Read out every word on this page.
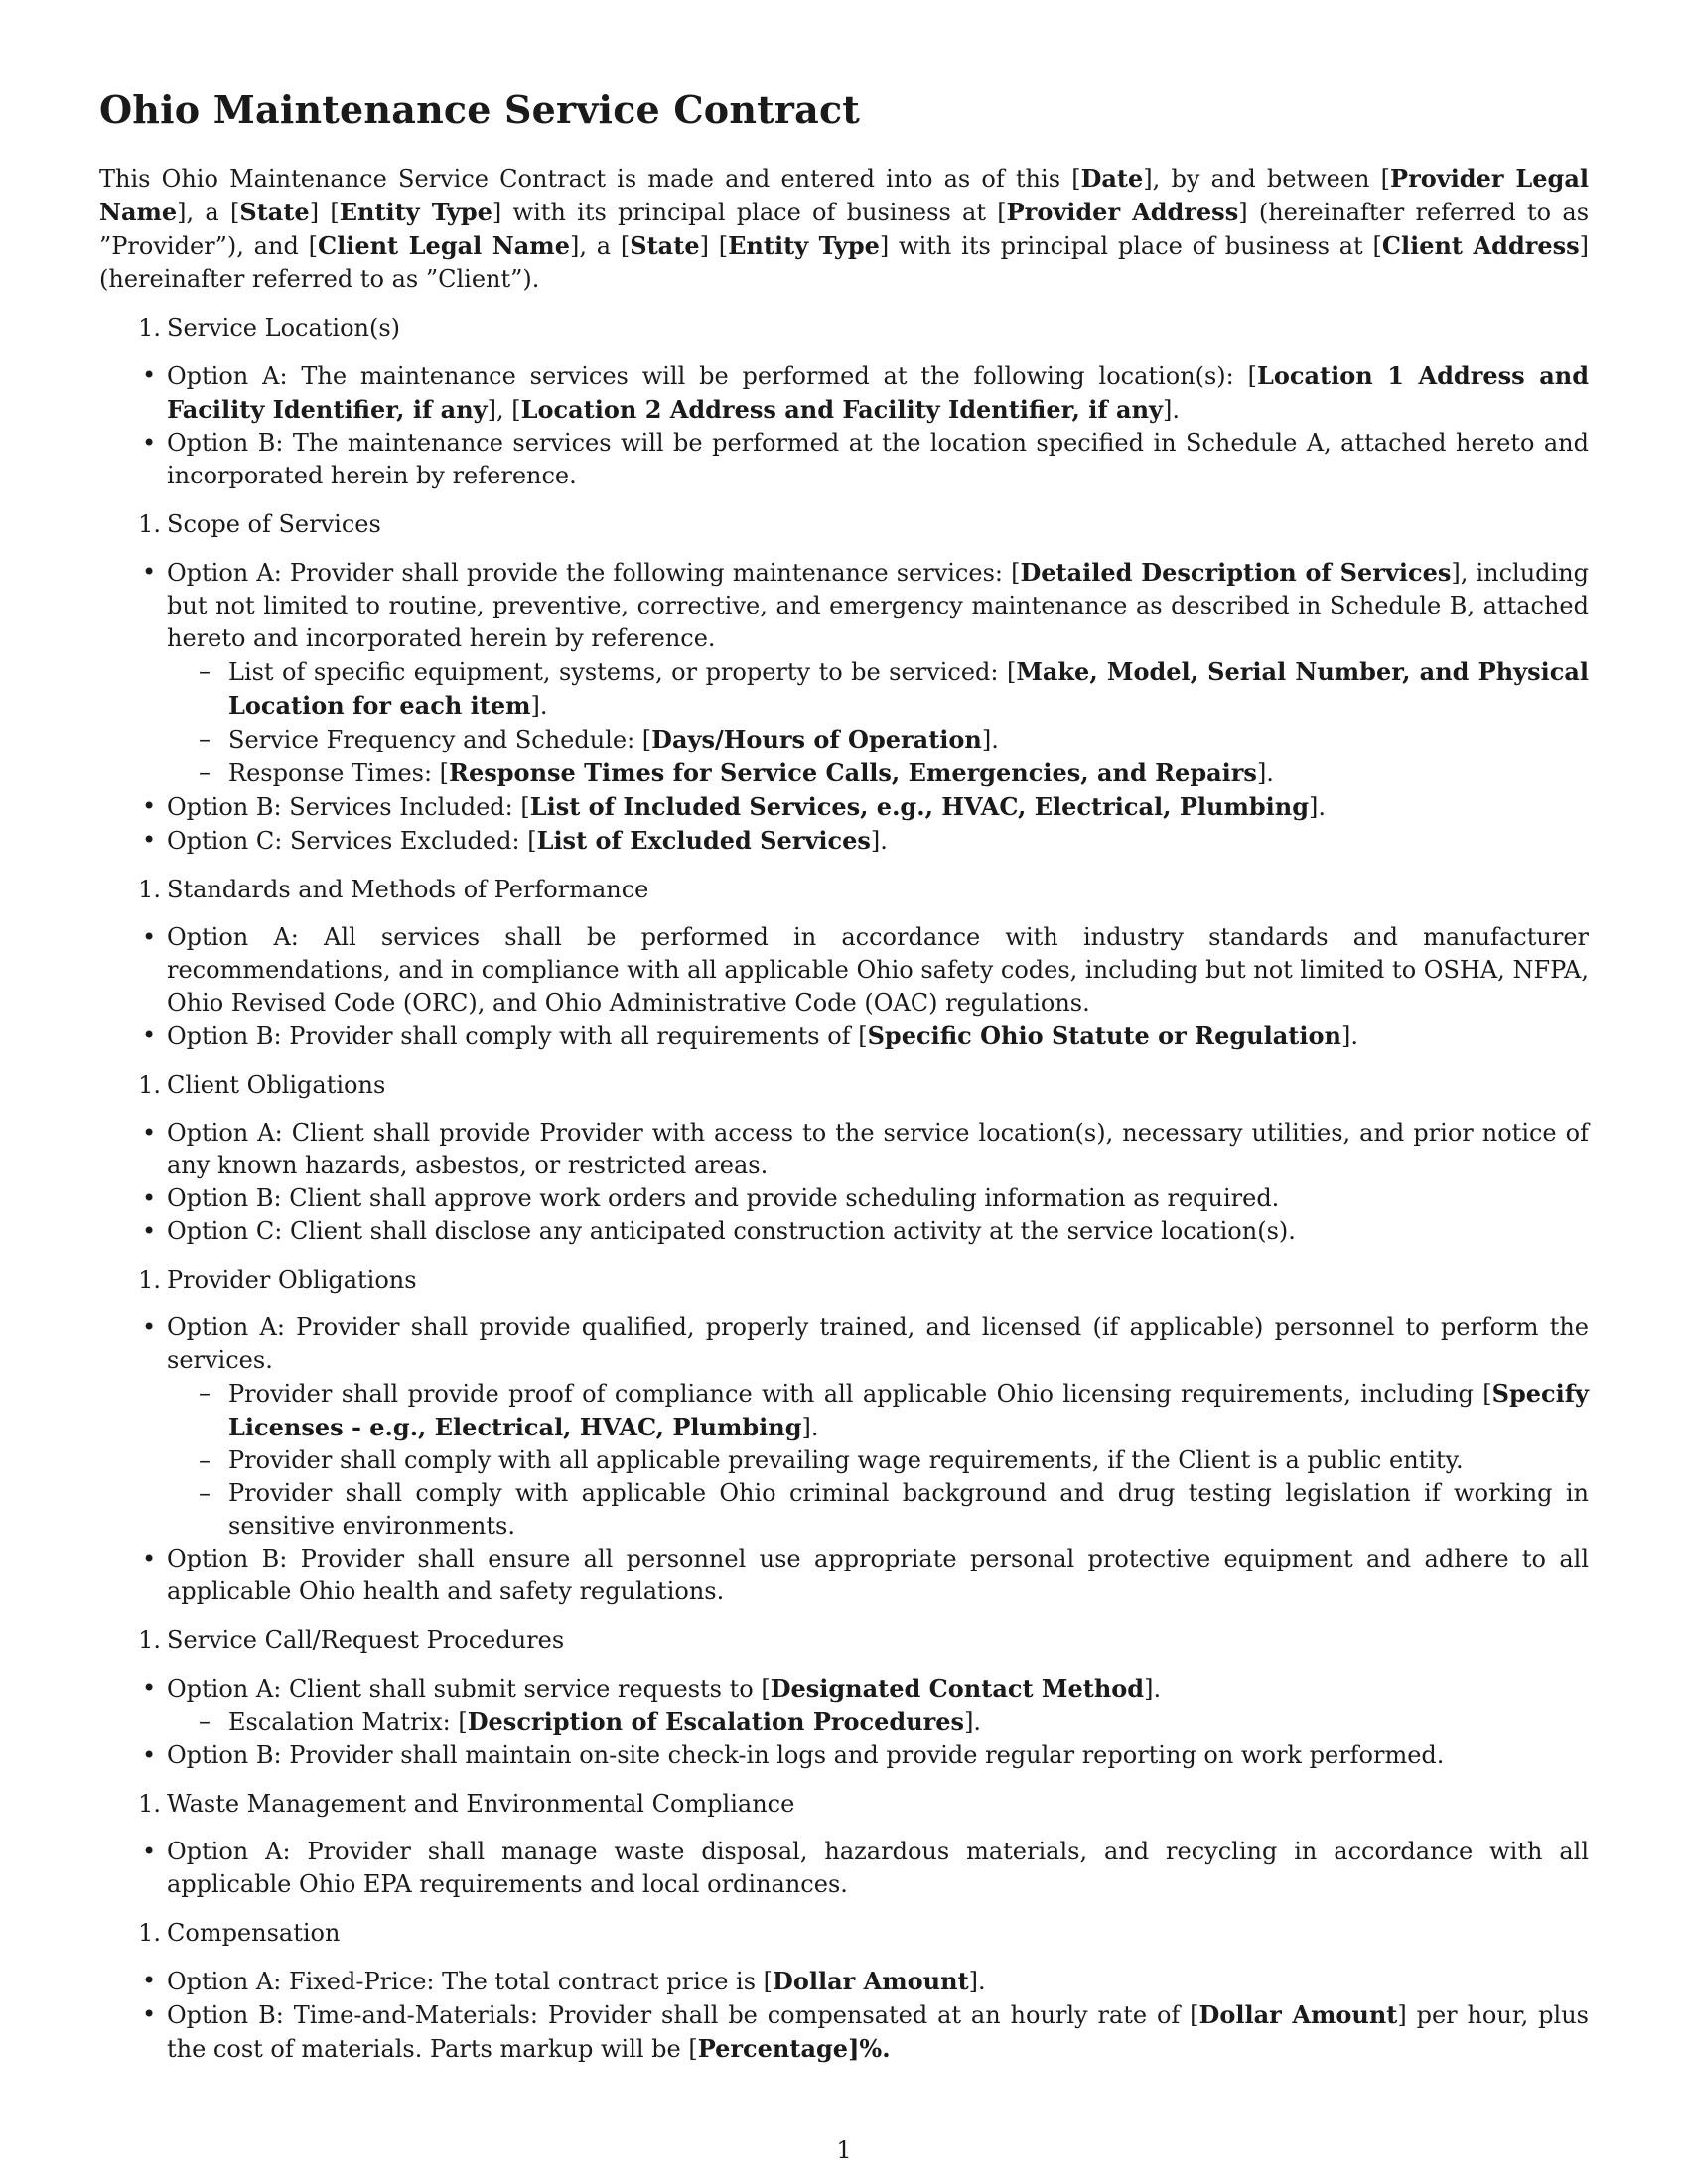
Ohio Maintenance Service Contract

This Ohio Maintenance Service Contract is made and entered into as of this [Date], by and between [Provider Legal Name], a [State] [Entity Type] with its principal place of business at [Provider Address] (hereinafter referred to as ”Provider”), and [Client Legal Name], a [State] [Entity Type] with its principal place of business at [Client Address] (hereinafter referred to as ”Client”).

1. Service Location(s)
• Option A: The maintenance services will be performed at the following location(s): [Location 1 Address and Facility Identifier, if any], [Location 2 Address and Facility Identifier, if any].
• Option B: The maintenance services will be performed at the location specified in Schedule A, attached hereto and incorporated herein by reference.
1. Scope of Services
• Option A: Provider shall provide the following maintenance services: [Detailed Description of Services], including but not limited to routine, preventive, corrective, and emergency maintenance as described in Schedule B, attached hereto and incorporated herein by reference.
– List of specific equipment, systems, or property to be serviced: [Make, Model, Serial Number, and Physical Location for each item].
– Service Frequency and Schedule: [Days/Hours of Operation].
– Response Times: [Response Times for Service Calls, Emergencies, and Repairs].
• Option B: Services Included: [List of Included Services, e.g., HVAC, Electrical, Plumbing].
• Option C: Services Excluded: [List of Excluded Services].
1. Standards and Methods of Performance
• Option A: All services shall be performed in accordance with industry standards and manufacturer recommendations, and in compliance with all applicable Ohio safety codes, including but not limited to OSHA, NFPA, Ohio Revised Code (ORC), and Ohio Administrative Code (OAC) regulations.
• Option B: Provider shall comply with all requirements of [Specific Ohio Statute or Regulation].
1. Client Obligations
• Option A: Client shall provide Provider with access to the service location(s), necessary utilities, and prior notice of any known hazards, asbestos, or restricted areas.
• Option B: Client shall approve work orders and provide scheduling information as required.
• Option C: Client shall disclose any anticipated construction activity at the service location(s).
1. Provider Obligations
• Option A: Provider shall provide qualified, properly trained, and licensed (if applicable) personnel to perform the services.
– Provider shall provide proof of compliance with all applicable Ohio licensing requirements, including [Specify Licenses - e.g., Electrical, HVAC, Plumbing].
– Provider shall comply with all applicable prevailing wage requirements, if the Client is a public entity.
– Provider shall comply with applicable Ohio criminal background and drug testing legislation if working in sensitive environments.
• Option B: Provider shall ensure all personnel use appropriate personal protective equipment and adhere to all applicable Ohio health and safety regulations.
1. Service Call/Request Procedures
• Option A: Client shall submit service requests to [Designated Contact Method].
– Escalation Matrix: [Description of Escalation Procedures].
• Option B: Provider shall maintain on-site check-in logs and provide regular reporting on work performed.
1. Waste Management and Environmental Compliance
• Option A: Provider shall manage waste disposal, hazardous materials, and recycling in accordance with all applicable Ohio EPA requirements and local ordinances.
1. Compensation
• Option A: Fixed-Price: The total contract price is [Dollar Amount].
• Option B: Time-and-Materials: Provider shall be compensated at an hourly rate of [Dollar Amount] per hour, plus the cost of materials. Parts markup will be [Percentage]%.
1
